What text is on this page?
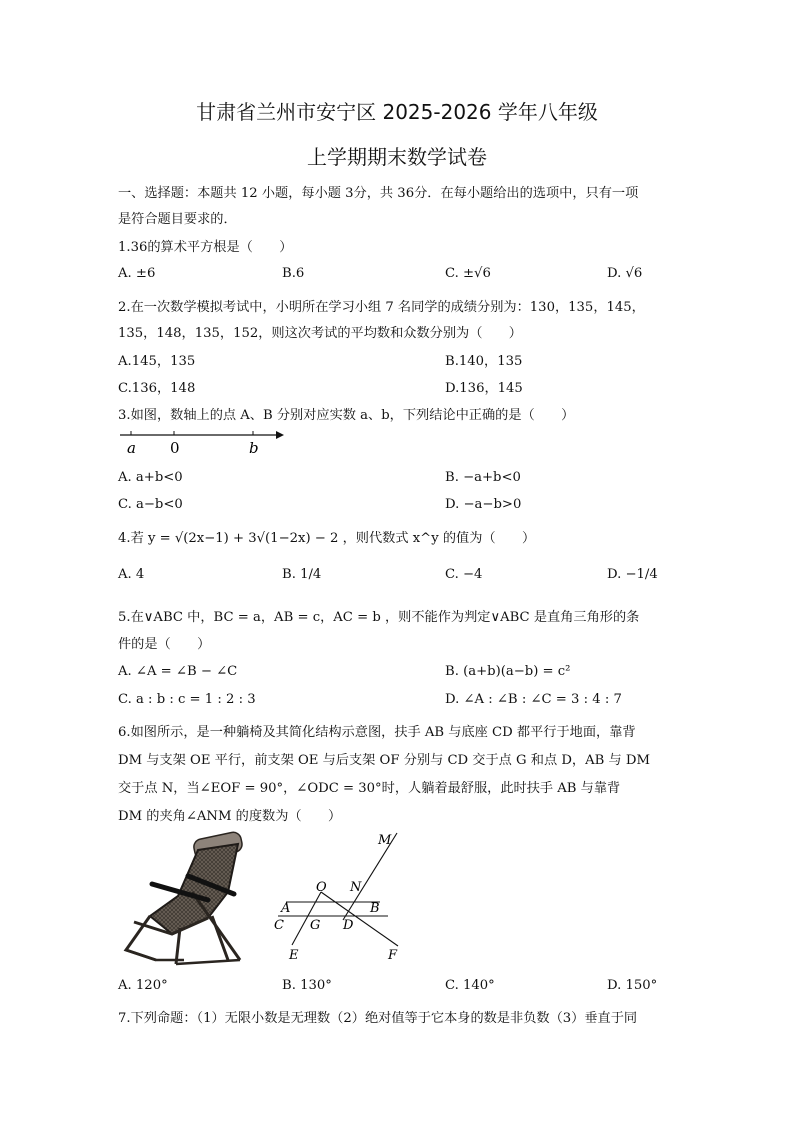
甘肃省兰州市安宁区 2025-2026 学年八年级
上学期期末数学试卷
一、选择题：本题共 12 小题，每小题 3分，共 36分．在每小题给出的选项中，只有一项
是符合题目要求的．
1.36的算术平方根是（　　）
A. ±6	B.6	C. ±√6	D. √6
2.在一次数学模拟考试中，小明所在学习小组 7 名同学的成绩分别为：130，135，145，
135，148，135，152，则这次考试的平均数和众数分别为（　　）
A.145，135	B.140，135
C.136，148	D.136，145
3.如图，数轴上的点 A、B 分别对应实数 a、b，下列结论中正确的是（　　）
a 0	b
A. a+b<0	B. −a+b<0
C. a−b<0	D. −a−b>0
4.若 y = √(2x−1) + 3√(1−2x) − 2 ，则代数式 x^y 的值为（　　）
A. 4	B. 1/4	C. −4	D. −1/4
5.在∨ABC 中，BC = a，AB = c，AC = b ，则不能作为判定∨ABC 是直角三角形的条
件的是（　　）
A. ∠A = ∠B − ∠C	B. (a+b)(a−b) = c²
C. a : b : c = 1 : 2 : 3	D. ∠A : ∠B : ∠C = 3 : 4 : 7
6.如图所示，是一种躺椅及其简化结构示意图，扶手 AB 与底座 CD 都平行于地面，靠背
DM 与支架 OE 平行，前支架 OE 与后支架 OF 分别与 CD 交于点 G 和点 D，AB 与 DM
交于点 N，当∠EOF = 90°，∠ODC = 30°时，人躺着最舒服，此时扶手 AB 与靠背
DM 的夹角∠ANM 的度数为（　　）
M
O N
A	B
C G D
E	F
A. 120°	B. 130°	C. 140°	D. 150°
7.下列命题：（1）无限小数是无理数（2）绝对值等于它本身的数是非负数（3）垂直于同
